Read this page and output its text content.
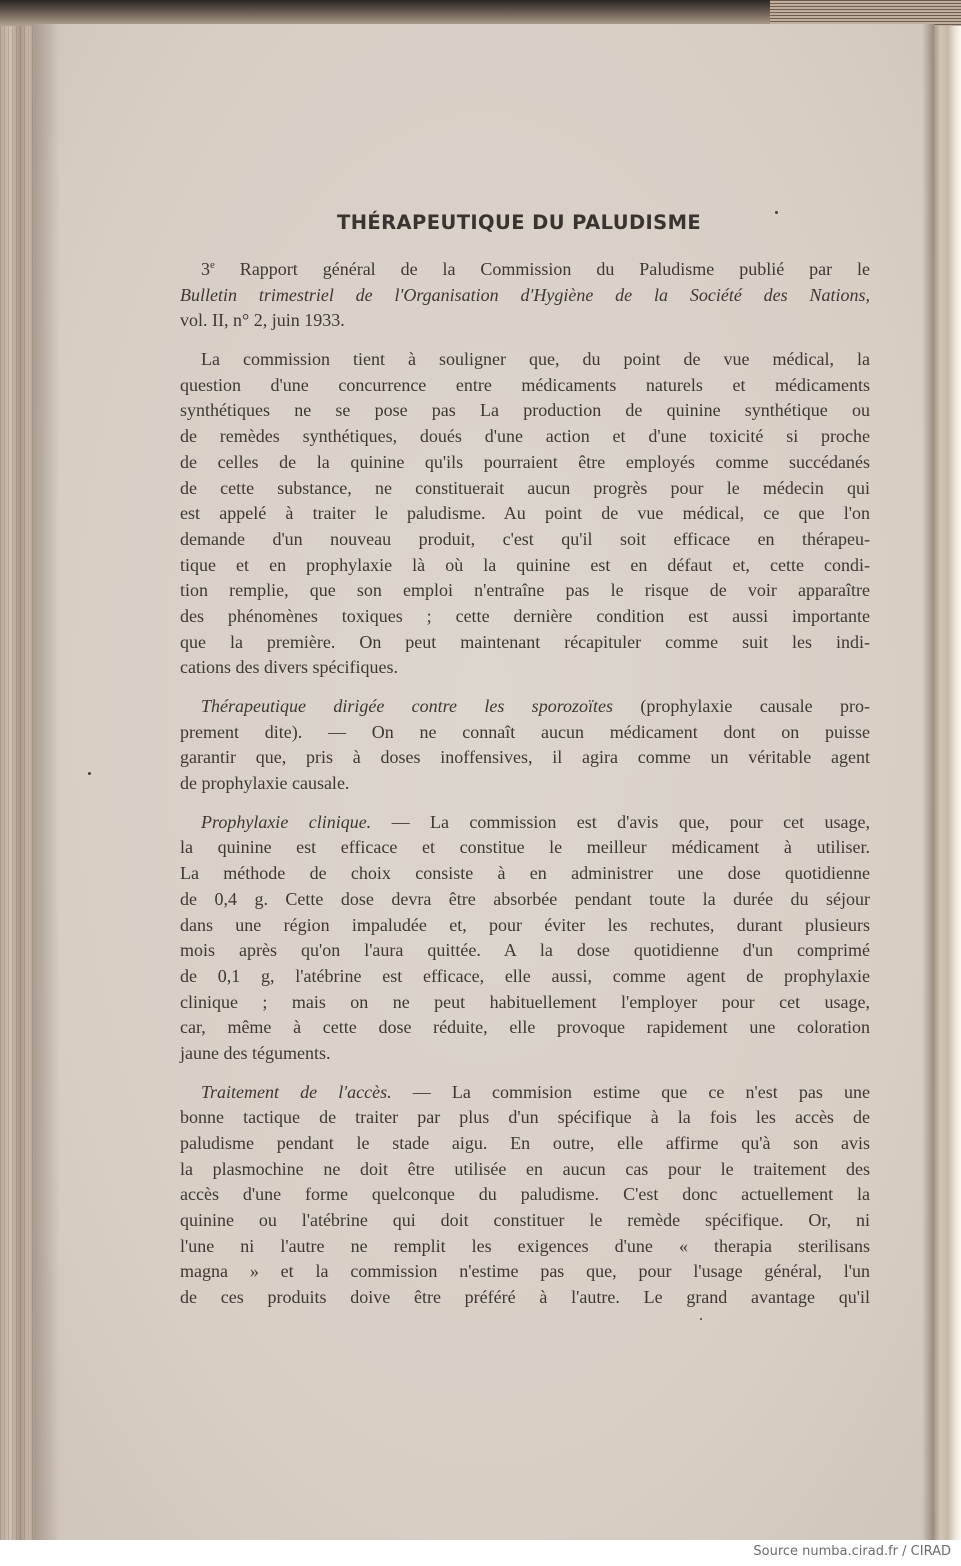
THÉRAPEUTIQUE DU PALUDISME
3e Rapport général de la Commission du Paludisme publié par le
Bulletin trimestriel de l'Organisation d'Hygiène de la Société des Nations,
vol. II, n° 2, juin 1933.
La commission tient à souligner que, du point de vue médical, la
question d'une concurrence entre médicaments naturels et médicaments
synthétiques ne se pose pas La production de quinine synthétique ou
de remèdes synthétiques, doués d'une action et d'une toxicité si proche
de celles de la quinine qu'ils pourraient être employés comme succédanés
de cette substance, ne constituerait aucun progrès pour le médecin qui
est appelé à traiter le paludisme. Au point de vue médical, ce que l'on
demande d'un nouveau produit, c'est qu'il soit efficace en thérapeu-
tique et en prophylaxie là où la quinine est en défaut et, cette condi-
tion remplie, que son emploi n'entraîne pas le risque de voir apparaître
des phénomènes toxiques ; cette dernière condition est aussi importante
que la première. On peut maintenant récapituler comme suit les indi-
cations des divers spécifiques.
Thérapeutique dirigée contre les sporozoïtes (prophylaxie causale pro-
prement dite). — On ne connaît aucun médicament dont on puisse
garantir que, pris à doses inoffensives, il agira comme un véritable agent
de prophylaxie causale.
Prophylaxie clinique. — La commission est d'avis que, pour cet usage,
la quinine est efficace et constitue le meilleur médicament à utiliser.
La méthode de choix consiste à en administrer une dose quotidienne
de 0,4 g. Cette dose devra être absorbée pendant toute la durée du séjour
dans une région impaludée et, pour éviter les rechutes, durant plusieurs
mois après qu'on l'aura quittée. A la dose quotidienne d'un comprimé
de 0,1 g, l'atébrine est efficace, elle aussi, comme agent de prophylaxie
clinique ; mais on ne peut habituellement l'employer pour cet usage,
car, même à cette dose réduite, elle provoque rapidement une coloration
jaune des téguments.
Traitement de l'accès. — La commision estime que ce n'est pas une
bonne tactique de traiter par plus d'un spécifique à la fois les accès de
paludisme pendant le stade aigu. En outre, elle affirme qu'à son avis
la plasmochine ne doit être utilisée en aucun cas pour le traitement des
accès d'une forme quelconque du paludisme. C'est donc actuellement la
quinine ou l'atébrine qui doit constituer le remède spécifique. Or, ni
l'une ni l'autre ne remplit les exigences d'une « therapia sterilisans
magna » et la commission n'estime pas que, pour l'usage général, l'un
de ces produits doive être préféré à l'autre. Le grand avantage qu'il
Source numba.cirad.fr / CIRAD
